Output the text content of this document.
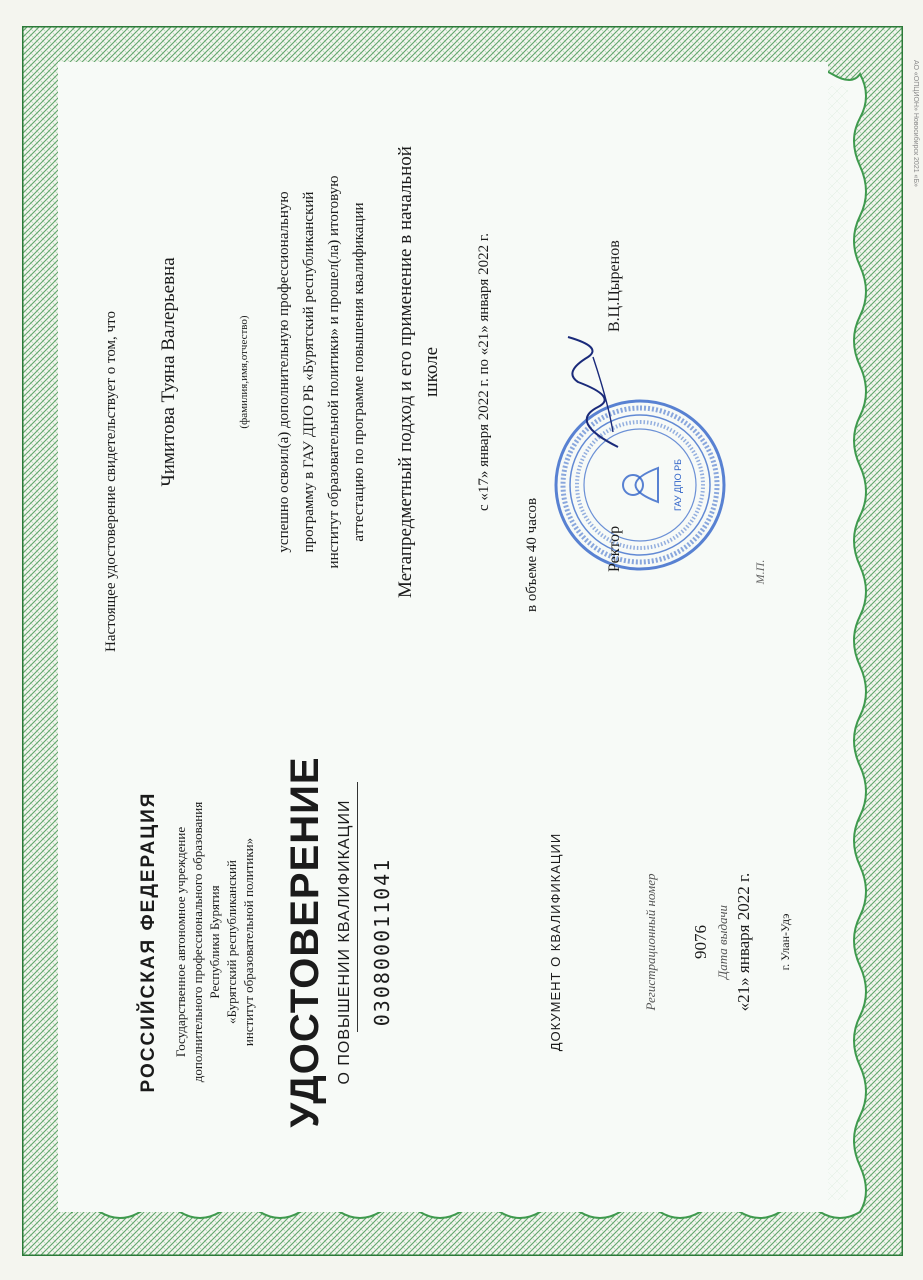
АО «ОПЦИОН» Новосибирск 2021 «Б»
РОССИЙСКАЯ ФЕДЕРАЦИЯ Государственное автономное учреждение дополнительного профессионального образования Республики Бурятия «Бурятский республиканский институт образовательной политики» УДОСТОВЕРЕНИЕ О ПОВЫШЕНИИ КВАЛИФИКАЦИИ 030800011041	ДОКУМЕНТ О КВАЛИФИКАЦИИ	Регистрационный номер 9076 Дата выдачи «21» января 2022 г. г. Улан-Удэ
Настоящее удостоверение свидетельствует о том, что Чимитова Туяна Валерьевна	(фамилия,имя,отчество) успешно освоил(а) дополнительную профессиональную программу в ГАУ ДПО РБ «Бурятский республиканский институт образовательной политики» и прошел(ла) итоговую аттестацию по программе повышения квалификации Метапредметный подход и его применение в начальной школе с «17» января 2022 г. по «21» января 2022 г.
в объеме 40 часов
ГАУ ДПО РБ
М.П.
Ректор
В.Ц.Цыренов
